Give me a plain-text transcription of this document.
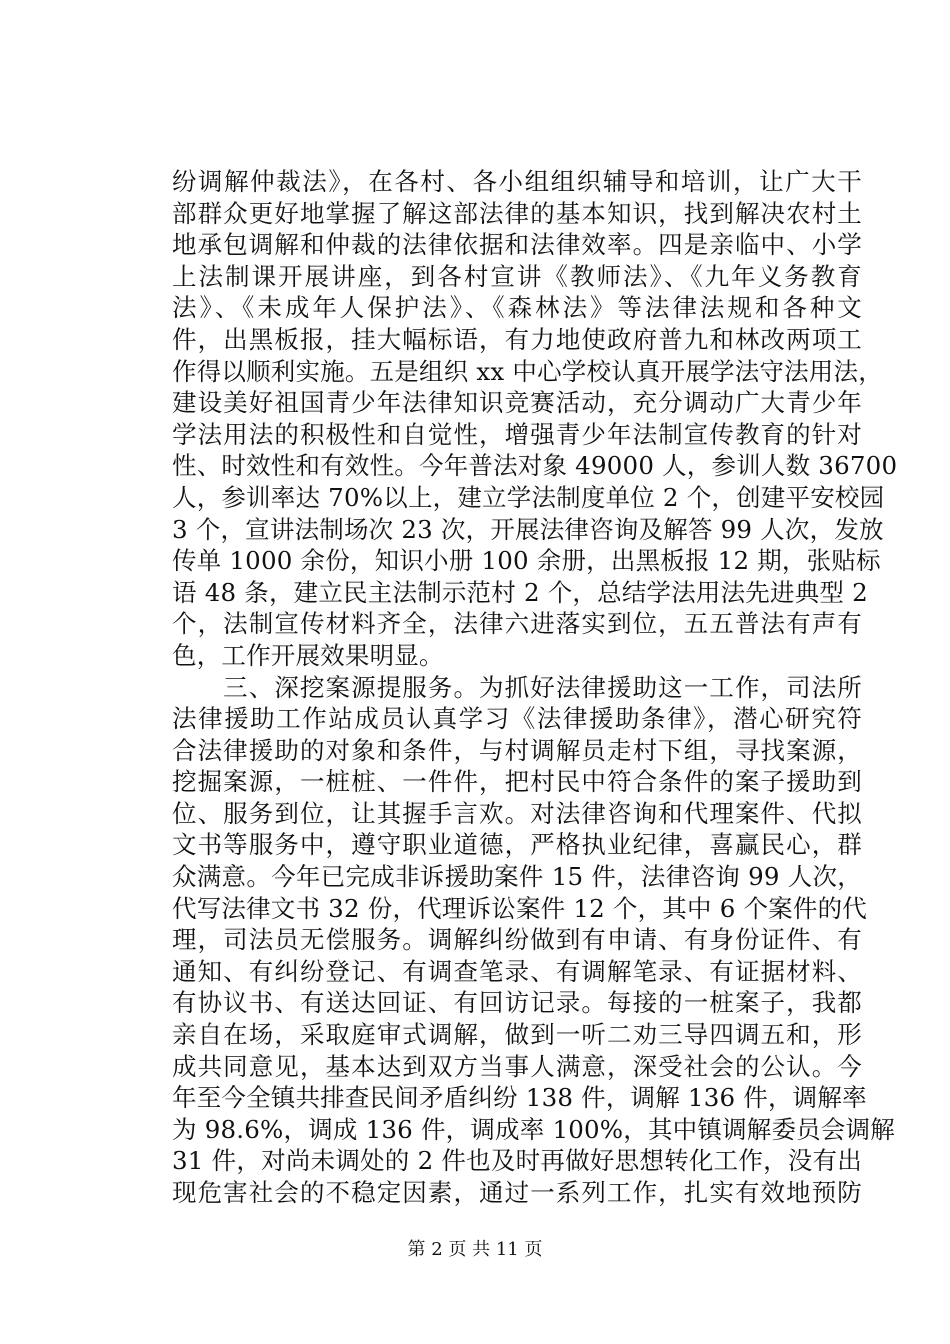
纷调解仲裁法》，在各村、各小组组织辅导和培训，让广大干
部群众更好地掌握了解这部法律的基本知识，找到解决农村土
地承包调解和仲裁的法律依据和法律效率。四是亲临中、小学
上法制课开展讲座，到各村宣讲《教师法》、《九年义务教育
法》、《未成年人保护法》、《森林法》等法律法规和各种文
件，出黑板报，挂大幅标语，有力地使政府普九和林改两项工
作得以顺利实施。五是组织 xx 中心学校认真开展学法守法用法，
建设美好祖国青少年法律知识竞赛活动，充分调动广大青少年
学法用法的积极性和自觉性，增强青少年法制宣传教育的针对
性、时效性和有效性。今年普法对象 49000 人，参训人数 36700
人，参训率达 70%以上，建立学法制度单位 2 个，创建平安校园
3 个，宣讲法制场次 23 次，开展法律咨询及解答 99 人次，发放
传单 1000 余份，知识小册 100 余册，出黑板报 12 期，张贴标
语 48 条，建立民主法制示范村 2 个，总结学法用法先进典型 2
个，法制宣传材料齐全，法律六进落实到位，五五普法有声有
色，工作开展效果明显。
　　三、深挖案源提服务。为抓好法律援助这一工作，司法所
法律援助工作站成员认真学习《法律援助条律》，潜心研究符
合法律援助的对象和条件，与村调解员走村下组，寻找案源，
挖掘案源，一桩桩、一件件，把村民中符合条件的案子援助到
位、服务到位，让其握手言欢。对法律咨询和代理案件、代拟
文书等服务中，遵守职业道德，严格执业纪律，喜赢民心，群
众满意。今年已完成非诉援助案件 15 件，法律咨询 99 人次，
代写法律文书 32 份，代理诉讼案件 12 个，其中 6 个案件的代
理，司法员无偿服务。调解纠纷做到有申请、有身份证件、有
通知、有纠纷登记、有调查笔录、有调解笔录、有证据材料、
有协议书、有送达回证、有回访记录。每接的一桩案子，我都
亲自在场，采取庭审式调解，做到一听二劝三导四调五和，形
成共同意见，基本达到双方当事人满意，深受社会的公认。今
年至今全镇共排查民间矛盾纠纷 138 件，调解 136 件，调解率
为 98.6%，调成 136 件，调成率 100%，其中镇调解委员会调解
31 件，对尚未调处的 2 件也及时再做好思想转化工作，没有出
现危害社会的不稳定因素，通过一系列工作，扎实有效地预防
第 2 页 共 11 页
